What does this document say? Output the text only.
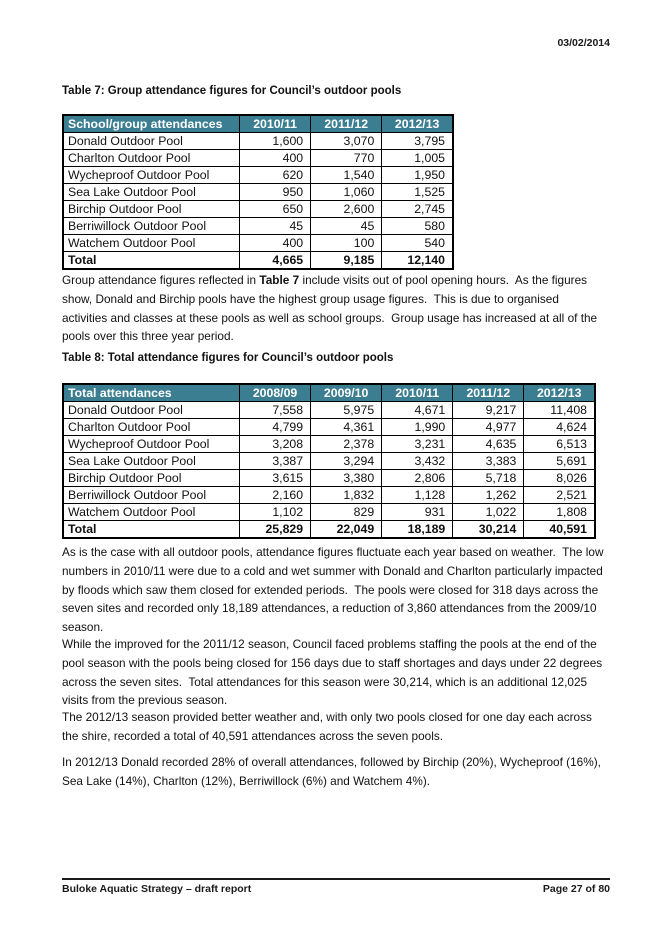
03/02/2014
Table 7: Group attendance figures for Council’s outdoor pools
School/group attendances	2010/11	2011/12	2012/13
Donald Outdoor Pool	1,600	3,070	3,795
Charlton Outdoor Pool	400	770	1,005
Wycheproof Outdoor Pool	620	1,540	1,950
Sea Lake Outdoor Pool	950	1,060	1,525
Birchip Outdoor Pool	650	2,600	2,745
Berriwillock Outdoor Pool	45	45	580
Watchem Outdoor Pool	400	100	540
Total	4,665	9,185	12,140

Group attendance figures reflected in Table 7 include visits out of pool opening hours.  As the figures show, Donald and Birchip pools have the highest group usage figures.  This is due to organised activities and classes at these pools as well as school groups.  Group usage has increased at all of the pools over this three year period.

Table 8: Total attendance figures for Council’s outdoor pools
Total attendances	2008/09	2009/10	2010/11	2011/12	2012/13
Donald Outdoor Pool	7,558	5,975	4,671	9,217	11,408
Charlton Outdoor Pool	4,799	4,361	1,990	4,977	4,624
Wycheproof Outdoor Pool	3,208	2,378	3,231	4,635	6,513
Sea Lake Outdoor Pool	3,387	3,294	3,432	3,383	5,691
Birchip Outdoor Pool	3,615	3,380	2,806	5,718	8,026
Berriwillock Outdoor Pool	2,160	1,832	1,128	1,262	2,521
Watchem Outdoor Pool	1,102	829	931	1,022	1,808
Total	25,829	22,049	18,189	30,214	40,591

As is the case with all outdoor pools, attendance figures fluctuate each year based on weather.  The low numbers in 2010/11 were due to a cold and wet summer with Donald and Charlton particularly impacted by floods which saw them closed for extended periods.  The pools were closed for 318 days across the seven sites and recorded only 18,189 attendances, a reduction of 3,860 attendances from the 2009/10 season.

While the improved for the 2011/12 season, Council faced problems staffing the pools at the end of the pool season with the pools being closed for 156 days due to staff shortages and days under 22 degrees across the seven sites.  Total attendances for this season were 30,214, which is an additional 12,025 visits from the previous season.

The 2012/13 season provided better weather and, with only two pools closed for one day each across the shire, recorded a total of 40,591 attendances across the seven pools.

In 2012/13 Donald recorded 28% of overall attendances, followed by Birchip (20%), Wycheproof (16%), Sea Lake (14%), Charlton (12%), Berriwillock (6%) and Watchem 4%).

Buloke Aquatic Strategy – draft report	Page 27 of 80
